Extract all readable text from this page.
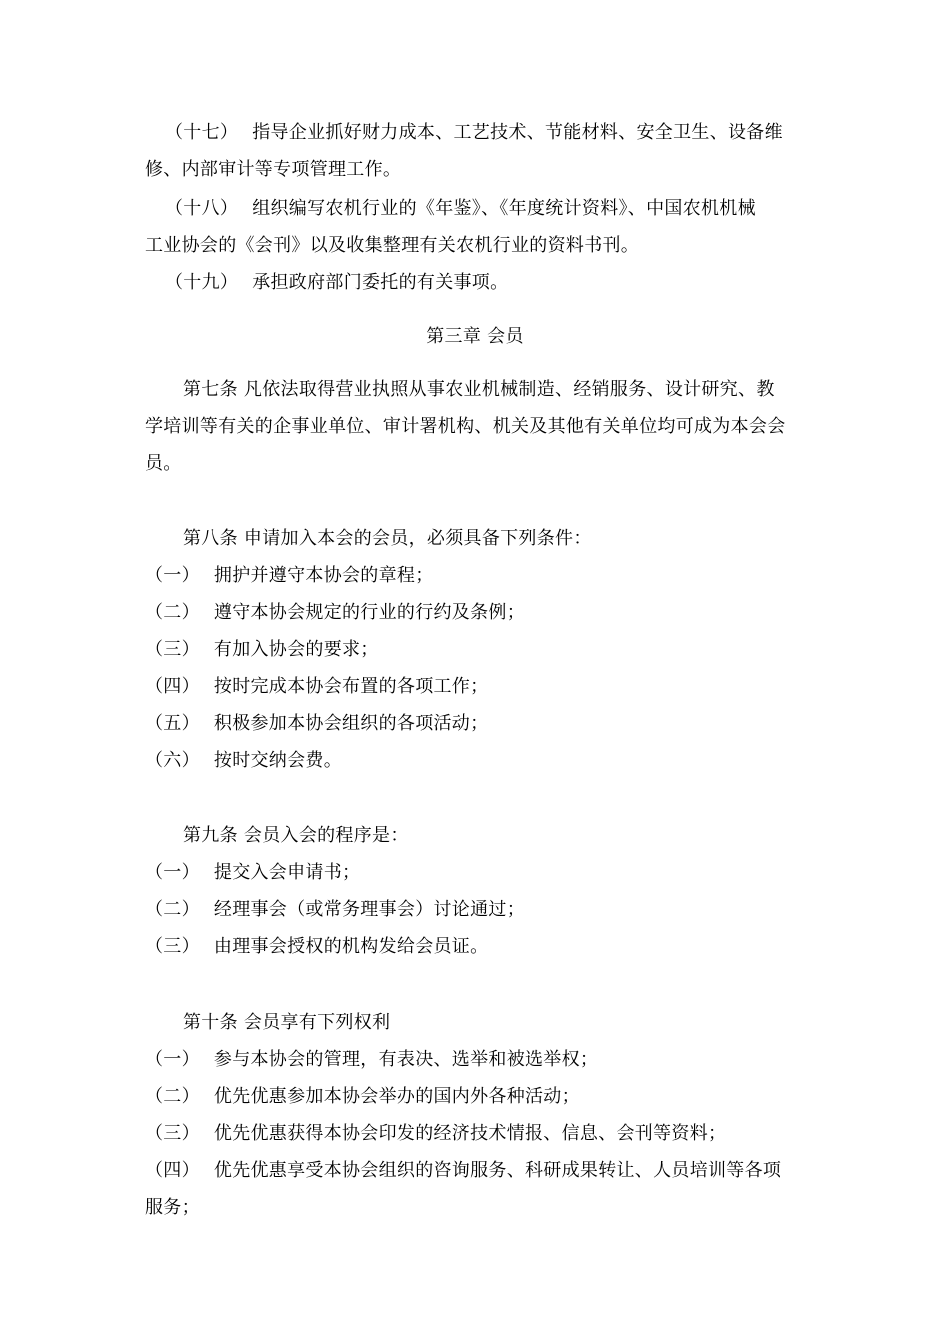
（十七） 指导企业抓好财力成本、工艺技术、节能材料、安全卫生、设备维
修、内部审计等专项管理工作。
（十八） 组织编写农机行业的《年鉴》、《年度统计资料》、中国农机机械
工业协会的《会刊》以及收集整理有关农机行业的资料书刊。
（十九） 承担政府部门委托的有关事项。
第三章 会员
第七条 凡依法取得营业执照从事农业机械制造、经销服务、设计研究、教
学培训等有关的企事业单位、审计署机构、机关及其他有关单位均可成为本会会
员。
第八条 申请加入本会的会员，必须具备下列条件：
（一） 拥护并遵守本协会的章程；
（二） 遵守本协会规定的行业的行约及条例；
（三） 有加入协会的要求；
（四） 按时完成本协会布置的各项工作；
（五） 积极参加本协会组织的各项活动；
（六） 按时交纳会费。
第九条 会员入会的程序是：
（一） 提交入会申请书；
（二） 经理事会（或常务理事会）讨论通过；
（三） 由理事会授权的机构发给会员证。
第十条 会员享有下列权利
（一） 参与本协会的管理，有表决、选举和被选举权；
（二） 优先优惠参加本协会举办的国内外各种活动；
（三） 优先优惠获得本协会印发的经济技术情报、信息、会刊等资料；
（四） 优先优惠享受本协会组织的咨询服务、科研成果转让、人员培训等各项
服务；
